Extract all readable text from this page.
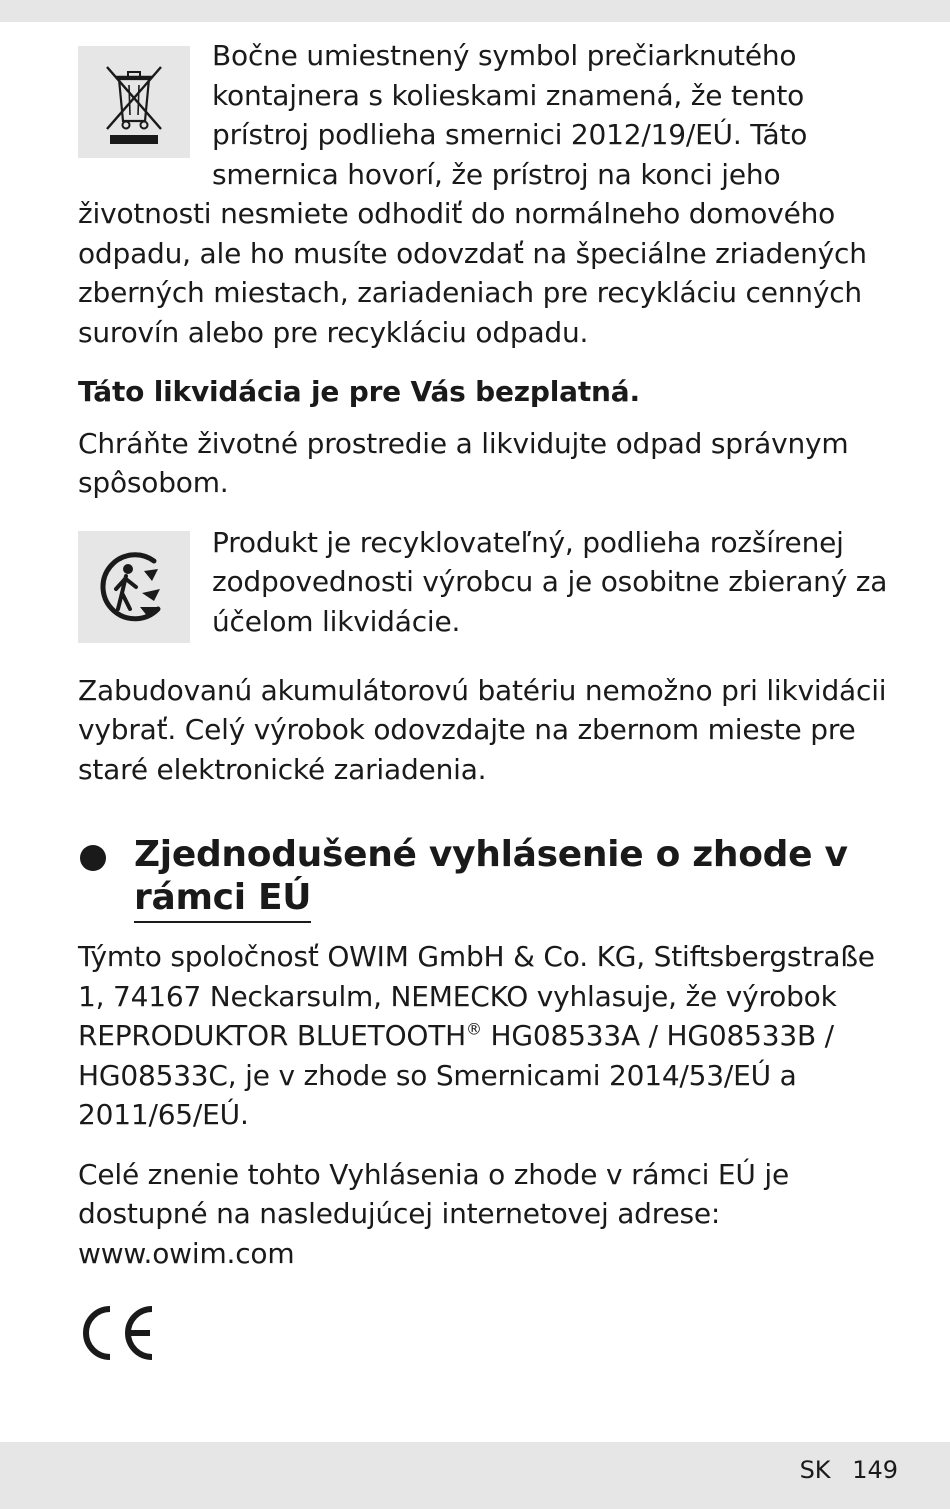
Bočne umiestnený symbol prečiarknutého kontajnera s kolieskami znamená, že tento prístroj podlieha smernici 2012/19/EÚ. Táto smernica hovorí, že prístroj na konci jeho životnosti nesmiete odhodiť do normálneho domového odpadu, ale ho musíte odovzdať na špeciálne zriadených zberných miestach, zariadeniach pre recykláciu cenných surovín alebo pre recykláciu odpadu.

Táto likvidácia je pre Vás bezplatná.

Chráňte životné prostredie a likvidujte odpad správnym spôsobom.

Produkt je recyklovateľný, podlieha rozšírenej zodpovednosti výrobcu a je osobitne zbieraný za účelom likvidácie.

Zabudovanú akumulátorovú batériu nemožno pri likvidácii vybrať. Celý výrobok odovzdajte na zbernom mieste pre staré elektronické zariadenia.

Zjednodušené vyhlásenie o zhode v
rámci EÚ

Týmto spoločnosť OWIM GmbH & Co. KG, Stiftsbergstraße 1, 74167 Neckarsulm, NEMECKO vyhlasuje, že výrobok REPRODUKTOR BLUETOOTH® HG08533A / HG08533B / HG08533C, je v zhode so Smernicami 2014/53/EÚ a 2011/65/EÚ.

Celé znenie tohto Vyhlásenia o zhode v rámci EÚ je dostupné na nasledujúcej internetovej adrese:
www.owim.com

SK 149
